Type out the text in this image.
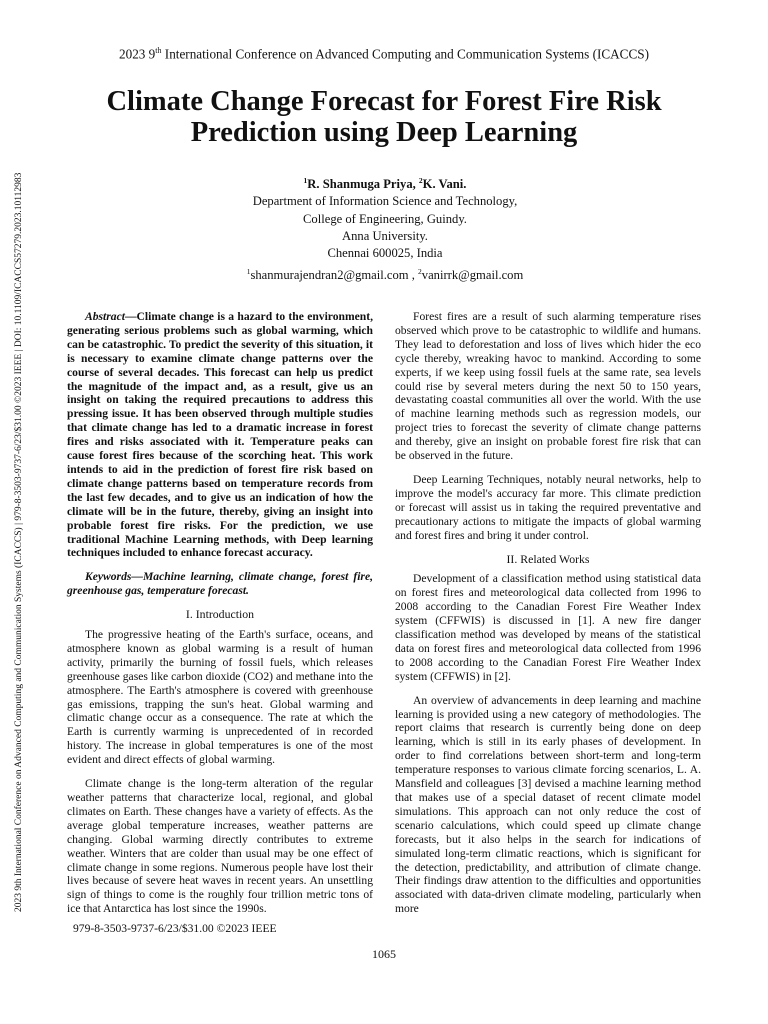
2023 9th International Conference on Advanced Computing and Communication Systems (ICACCS)
Climate Change Forecast for Forest Fire Risk Prediction using Deep Learning
$^1$R. Shanmuga Priya, $^2$K. Vani.
Department of Information Science and Technology,
College of Engineering, Guindy.
Anna University.
Chennai 600025, India
$^1$shanmurajendran2@gmail.com , $^2$vanirrk@gmail.com
2023 9th International Conference on Advanced Computing and Communication Systems (ICACCS) | 979-8-3503-9737-6/23/$31.00 ©2023 IEEE | DOI: 10.1109/ICACCS57279.2023.10112983	Abstract—Climate change is a hazard to the environment, generating serious problems such as global warming, which can be catastrophic. To predict the severity of this situation, it is necessary to examine climate change patterns over the course of several decades. This forecast can help us predict the magnitude of the impact and, as a result, give us an insight on taking the required precautions to address this pressing issue. It has been observed through multiple studies that climate change has led to a dramatic increase in forest fires and risks associated with it. Temperature peaks can cause forest fires because of the scorching heat. This work intends to aid in the prediction of forest fire risk based on climate change patterns based on temperature records from the last few decades, and to give us an indication of how the climate will be in the future, thereby, giving an insight into probable forest fire risks. For the prediction, we use traditional Machine Learning methods, with Deep learning techniques included to enhance forecast accuracy.

Keywords—Machine learning, climate change, forest fire, greenhouse gas, temperature forecast.

I. Introduction

The progressive heating of the Earth's surface, oceans, and atmosphere known as global warming is a result of human activity, primarily the burning of fossil fuels, which releases greenhouse gases like carbon dioxide (CO2) and methane into the atmosphere. The Earth's atmosphere is covered with greenhouse gas emissions, trapping the sun's heat. Global warming and climatic change occur as a consequence. The rate at which the Earth is currently warming is unprecedented of in recorded history. The increase in global temperatures is one of the most evident and direct effects of global warming.

Climate change is the long-term alteration of the regular weather patterns that characterize local, regional, and global climates on Earth. These changes have a variety of effects. As the average global temperature increases, weather patterns are changing. Global warming directly contributes to extreme weather. Winters that are colder than usual may be one effect of climate change in some regions. Numerous people have lost their lives because of severe heat waves in recent years. An unsettling sign of things to come is the roughly four trillion metric tons of ice that Antarctica has lost since the 1990s.

Forest fires are a result of such alarming temperature rises observed which prove to be catastrophic to wildlife and humans. They lead to deforestation and loss of lives which hider the eco cycle thereby, wreaking havoc to mankind. According to some experts, if we keep using fossil fuels at the same rate, sea levels could rise by several meters during the next 50 to 150 years, devastating coastal communities all over the world. With the use of machine learning methods such as regression models, our project tries to forecast the severity of climate change patterns and thereby, give an insight on probable forest fire risk that can be observed in the future.

Deep Learning Techniques, notably neural networks, help to improve the model's accuracy far more. This climate prediction or forecast will assist us in taking the required preventative and precautionary actions to mitigate the impacts of global warming and forest fires and bring it under control.

II. Related Works

Development of a classification method using statistical data on forest fires and meteorological data collected from 1996 to 2008 according to the Canadian Forest Fire Weather Index system (CFFWIS) is discussed in [1]. A new fire danger classification method was developed by means of the statistical data on forest fires and meteorological data collected from 1996 to 2008 according to the Canadian Forest Fire Weather Index system (CFFWIS) in [2].

An overview of advancements in deep learning and machine learning is provided using a new category of methodologies. The report claims that research is currently being done on deep learning, which is still in its early phases of development. In order to find correlations between short-term and long-term temperature responses to various climate forcing scenarios, L. A. Mansfield and colleagues [3] devised a machine learning method that makes use of a special dataset of recent climate model simulations. This approach can not only reduce the cost of scenario calculations, which could speed up climate change forecasts, but it also helps in the search for indications of simulated long-term climatic reactions, which is significant for the detection, predictability, and attribution of climate change. Their findings draw attention to the difficulties and opportunities associated with data-driven climate modeling, particularly when more

979-8-3503-9737-6/23/$31.00 ©2023 IEEE
1065
